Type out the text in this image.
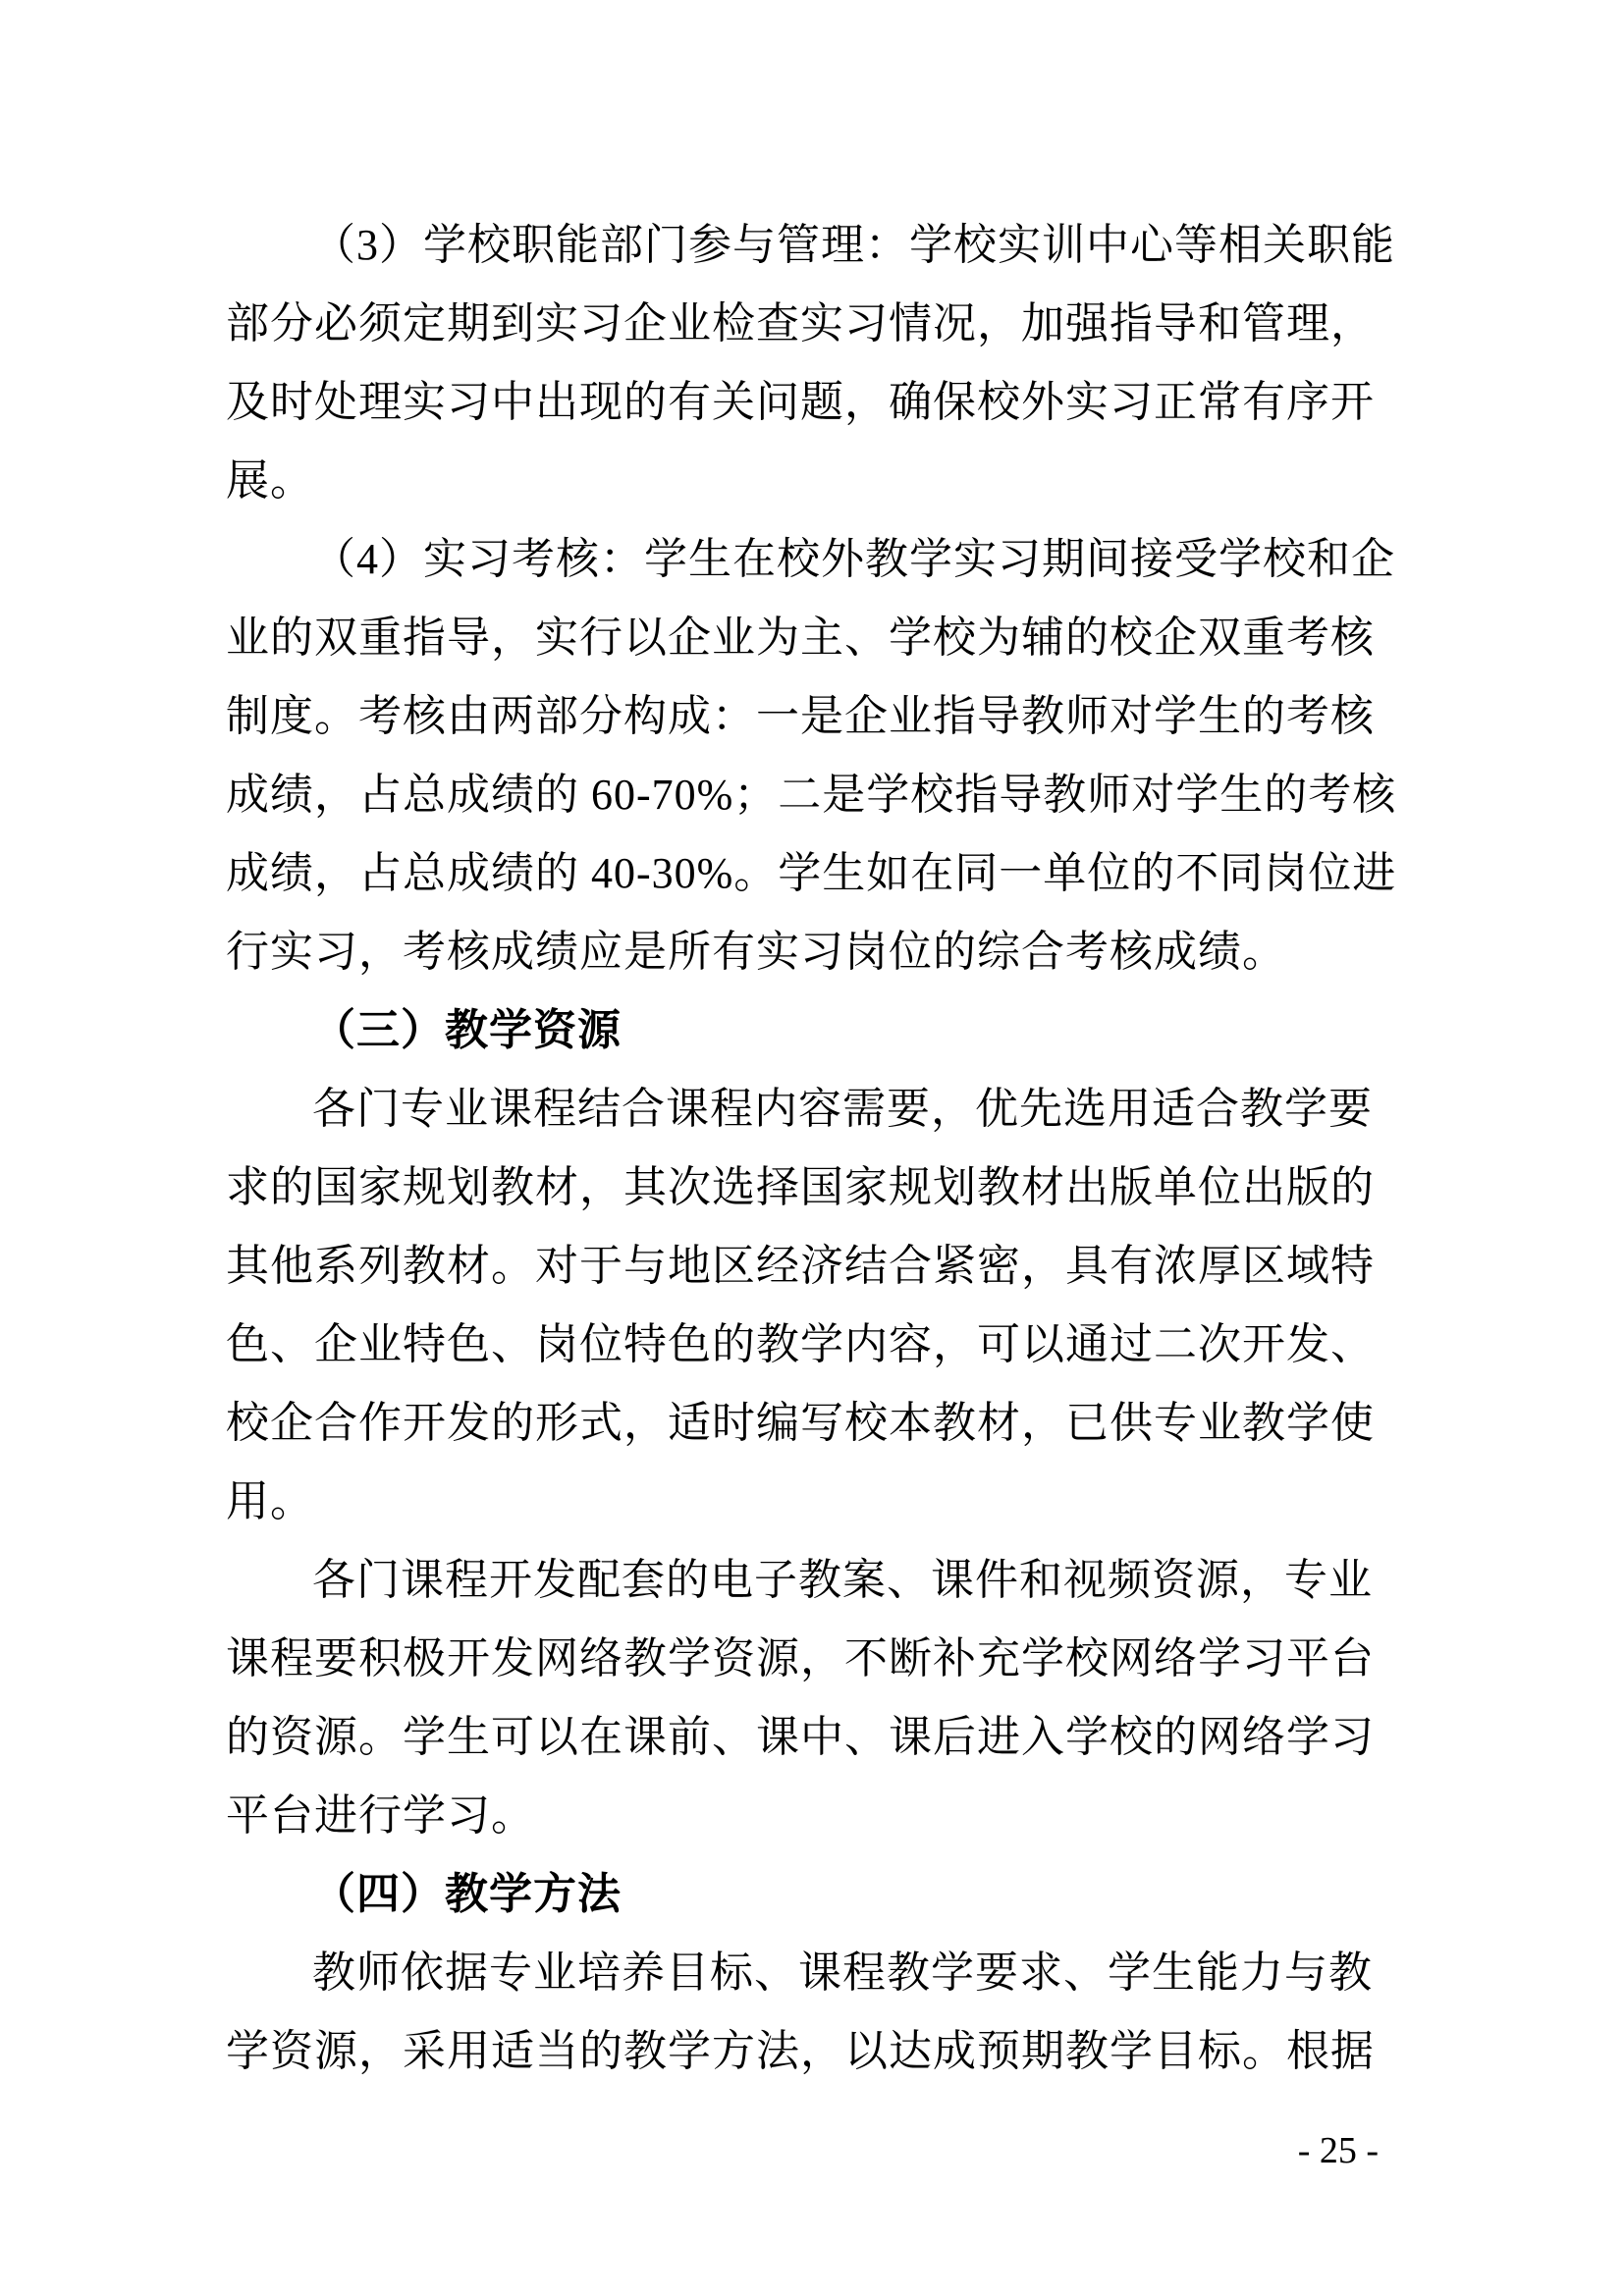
（3）学校职能部门参与管理：学校实训中心等相关职能
部分必须定期到实习企业检查实习情况，加强指导和管理，
及时处理实习中出现的有关问题，确保校外实习正常有序开
展。
（4）实习考核：学生在校外教学实习期间接受学校和企
业的双重指导，实行以企业为主、学校为辅的校企双重考核
制度。考核由两部分构成：一是企业指导教师对学生的考核
成绩，占总成绩的 60-70%；二是学校指导教师对学生的考核
成绩，占总成绩的 40-30%。学生如在同一单位的不同岗位进
行实习，考核成绩应是所有实习岗位的综合考核成绩。
（三）教学资源
各门专业课程结合课程内容需要，优先选用适合教学要
求的国家规划教材，其次选择国家规划教材出版单位出版的
其他系列教材。对于与地区经济结合紧密，具有浓厚区域特
色、企业特色、岗位特色的教学内容，可以通过二次开发、
校企合作开发的形式，适时编写校本教材，已供专业教学使
用。
各门课程开发配套的电子教案、课件和视频资源，专业
课程要积极开发网络教学资源，不断补充学校网络学习平台
的资源。学生可以在课前、课中、课后进入学校的网络学习
平台进行学习。
（四）教学方法
教师依据专业培养目标、课程教学要求、学生能力与教
学资源，采用适当的教学方法，以达成预期教学目标。根据
- 25 -
